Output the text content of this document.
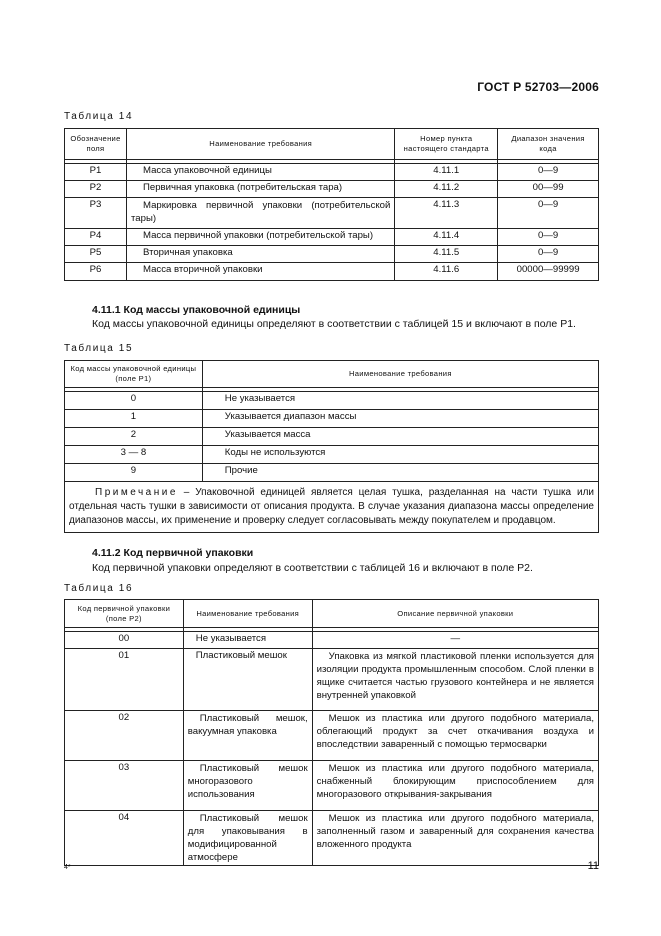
ГОСТ Р 52703—2006
Таблица 14
Обозначение поля	Наименование требования	Номер пункта настоящего стандарта	Диапазон значения кода

P1	Масса упаковочной единицы	4.11.1	0—9
P2	Первичная упаковка (потребительская тара)	4.11.2	00—99
P3	Маркировка первичной упаковки (потребительской тары)	4.11.3	0—9
P4	Масса первичной упаковки (потребительской тары)	4.11.4	0—9
P5	Вторичная упаковка	4.11.5	0—9
P6	Масса вторичной упаковки	4.11.6	00000—99999
4.11.1 Код массы упаковочной единицы
Код массы упаковочной единицы определяют в соответствии с таблицей 15 и включают в поле Р1.
Таблица 15
Код массы упаковочной единицы (поле Р1)	Наименование требования

0	Не указывается
1	Указывается диапазон массы
2	Указывается масса
3 — 8	Коды не используются
9	Прочие
Примечание – Упаковочной единицей является целая тушка, разделанная на части тушка или отдельная часть тушки в зависимости от описания продукта. В случае указания диапазона массы определение диапазонов массы, их применение и проверку следует согласовывать между покупателем и продавцом.	
4.11.2 Код первичной упаковки
Код первичной упаковки определяют в соответствии с таблицей 16 и включают в поле Р2.
Таблица 16
Код первичной упаковки (поле Р2)	Наименование требования	Описание первичной упаковки

00	Не указывается	—
01	Пластиковый мешок	Упаковка из мягкой пластиковой пленки используется для изоляции продукта промышленным способом. Слой пленки в ящике считается частью грузового контейнера и не является внутренней упаковкой
02	Пластиковый мешок, вакуумная упаковка	Мешок из пластика или другого подобного материала, облегающий продукт за счет откачивания воздуха и впоследствии заваренный с помощью термосварки
03	Пластиковый мешок многоразового использования	Мешок из пластика или другого подобного материала, снабженный блокирующим приспособлением для многоразового открывания-закрывания
04	Пластиковый мешок для упаковывания в модифицированной атмосфере	Мешок из пластика или другого подобного материала, заполненный газом и заваренный для сохранения качества вложенного продукта
4*	11
